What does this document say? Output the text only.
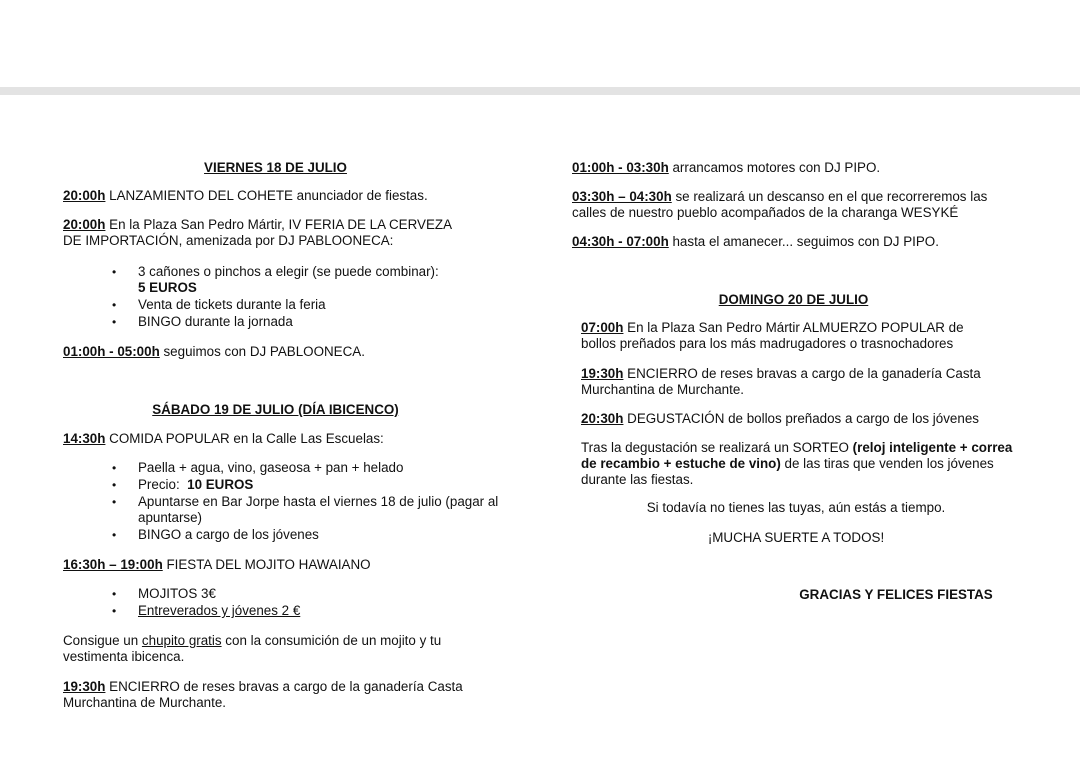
VIERNES 18 DE JULIO

20:00h LANZAMIENTO DEL COHETE anunciador de fiestas.

20:00h En la Plaza San Pedro Mártir, IV FERIA DE LA CERVEZA DE IMPORTACIÓN, amenizada por DJ PABLOONECA:

• 3 cañones o pinchos a elegir (se puede combinar):
5 EUROS
• Venta de tickets durante la feria
• BINGO durante la jornada

01:00h - 05:00h seguimos con DJ PABLOONECA.

SÁBADO 19 DE JULIO (DÍA IBICENCO)

14:30h COMIDA POPULAR en la Calle Las Escuelas:

• Paella + agua, vino, gaseosa + pan + helado
• Precio:  10 EUROS
• Apuntarse en Bar Jorpe hasta el viernes 18 de julio (pagar al apuntarse)
• BINGO a cargo de los jóvenes

16:30h – 19:00h FIESTA DEL MOJITO HAWAIANO

• MOJITOS 3€
• Entreverados y jóvenes 2 €

Consigue un chupito gratis con la consumición de un mojito y tu vestimenta ibicenca.

19:30h ENCIERRO de reses bravas a cargo de la ganadería Casta Murchantina de Murchante.

01:00h - 03:30h arrancamos motores con DJ PIPO.

03:30h – 04:30h se realizará un descanso en el que recorreremos las calles de nuestro pueblo acompañados de la charanga WESYKÉ

04:30h - 07:00h hasta el amanecer... seguimos con DJ PIPO.

DOMINGO 20 DE JULIO

07:00h En la Plaza San Pedro Mártir ALMUERZO POPULAR de bollos preñados para los más madrugadores o trasnochadores

19:30h ENCIERRO de reses bravas a cargo de la ganadería Casta Murchantina de Murchante.

20:30h DEGUSTACIÓN de bollos preñados a cargo de los jóvenes

Tras la degustación se realizará un SORTEO (reloj inteligente + correa de recambio + estuche de vino) de las tiras que venden los jóvenes durante las fiestas.

Si todavía no tienes las tuyas, aún estás a tiempo.
¡MUCHA SUERTE A TODOS!
GRACIAS Y FELICES FIESTAS
